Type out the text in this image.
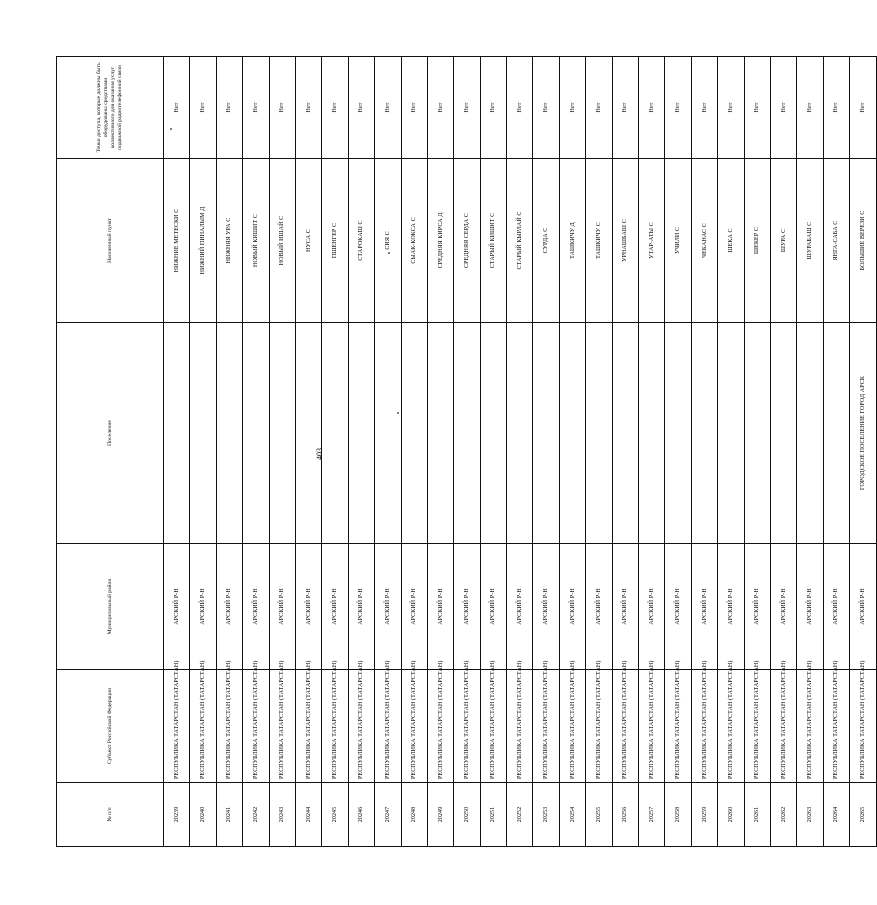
403
№ п/п	Субъект Российской Федерации	Муниципальный район	Поселение	Населенный пункт	Точки доступа, которые должны быть оборудованы средствами коллективного для оказания услуг подвижной радиотелефонной связи
20239	РЕСПУБЛИКА ТАТАРСТАН (ТАТАРСТАН)	АРСКИЙ Р-Н		НИЖНИЕ МЕТЕСКИ С	Нет
20240	РЕСПУБЛИКА ТАТАРСТАН (ТАТАРСТАН)	АРСКИЙ Р-Н		НИЖНИЙ ПИНАЛЫМ Д	Нет
20241	РЕСПУБЛИКА ТАТАРСТАН (ТАТАРСТАН)	АРСКИЙ Р-Н		НИЖНЯЯ УРА С	Нет
20242	РЕСПУБЛИКА ТАТАРСТАН (ТАТАРСТАН)	АРСКИЙ Р-Н		НОВЫЙ КИШИТ С	Нет
20243	РЕСПУБЛИКА ТАТАРСТАН (ТАТАРСТАН)	АРСКИЙ Р-Н		НОВЫЙ ИШАЙ С	Нет
20244	РЕСПУБЛИКА ТАТАРСТАН (ТАТАРСТАН)	АРСКИЙ Р-Н		НУСА С	Нет
20245	РЕСПУБЛИКА ТАТАРСТАН (ТАТАРСТАН)	АРСКИЙ Р-Н		ПШЕНГЕР С	Нет
20246	РЕСПУБЛИКА ТАТАРСТАН (ТАТАРСТАН)	АРСКИЙ Р-Н		СТАРОКАШ С	Нет
20247	РЕСПУБЛИКА ТАТАРСТАН (ТАТАРСТАН)	АРСКИЙ Р-Н		СИЯ С	Нет
20248	РЕСПУБЛИКА ТАТАРСТАН (ТАТАРСТАН)	АРСКИЙ Р-Н		СЫАК-КОКСА С	Нет
20249	РЕСПУБЛИКА ТАТАРСТАН (ТАТАРСТАН)	АРСКИЙ Р-Н		СРЕДНЯЯ КИРСА Д	Нет
20250	РЕСПУБЛИКА ТАТАРСТАН (ТАТАРСТАН)	АРСКИЙ Р-Н		СРЕДНЯЯ СЕРДА С	Нет
20251	РЕСПУБЛИКА ТАТАРСТАН (ТАТАРСТАН)	АРСКИЙ Р-Н		СТАРЫЙ КИШИТ С	Нет
20252	РЕСПУБЛИКА ТАТАРСТАН (ТАТАРСТАН)	АРСКИЙ Р-Н		СТАРЫЙ КЫРЛАЙ С	Нет
20253	РЕСПУБЛИКА ТАТАРСТАН (ТАТАРСТАН)	АРСКИЙ Р-Н		СУРДА С	Нет
20254	РЕСПУБЛИКА ТАТАРСТАН (ТАТАРСТАН)	АРСКИЙ Р-Н		ТАШКИЧУ Д	Нет
20255	РЕСПУБЛИКА ТАТАРСТАН (ТАТАРСТАН)	АРСКИЙ Р-Н		ТАШКИЧУ С	Нет
20256	РЕСПУБЛИКА ТАТАРСТАН (ТАТАРСТАН)	АРСКИЙ Р-Н		УРНАШБАШ С	Нет
20257	РЕСПУБЛИКА ТАТАРСТАН (ТАТАРСТАН)	АРСКИЙ Р-Н		УТАР-АТЫ С	Нет
20258	РЕСПУБЛИКА ТАТАРСТАН (ТАТАРСТАН)	АРСКИЙ Р-Н		УЧИЛИ С	Нет
20259	РЕСПУБЛИКА ТАТАРСТАН (ТАТАРСТАН)	АРСКИЙ Р-Н		ЧЕКАНАС С	Нет
20260	РЕСПУБЛИКА ТАТАРСТАН (ТАТАРСТАН)	АРСКИЙ Р-Н		ШЕКА С	Нет
20261	РЕСПУБЛИКА ТАТАРСТАН (ТАТАРСТАН)	АРСКИЙ Р-Н		ШЕКЕР С	Нет
20262	РЕСПУБЛИКА ТАТАРСТАН (ТАТАРСТАН)	АРСКИЙ Р-Н		ШУРА С	Нет
20263	РЕСПУБЛИКА ТАТАРСТАН (ТАТАРСТАН)	АРСКИЙ Р-Н		ШУРАБАШ С	Нет
20264	РЕСПУБЛИКА ТАТАРСТАН (ТАТАРСТАН)	АРСКИЙ Р-Н		ЯНГА-САБА С	Нет
20265	РЕСПУБЛИКА ТАТАРСТАН (ТАТАРСТАН)	АРСКИЙ Р-Н	ГОРОДСКОЕ ПОСЕЛЕНИЕ ГОРОД АРСК	БОЛЬШИЕ ВЕРЕЗИ С	Нет
